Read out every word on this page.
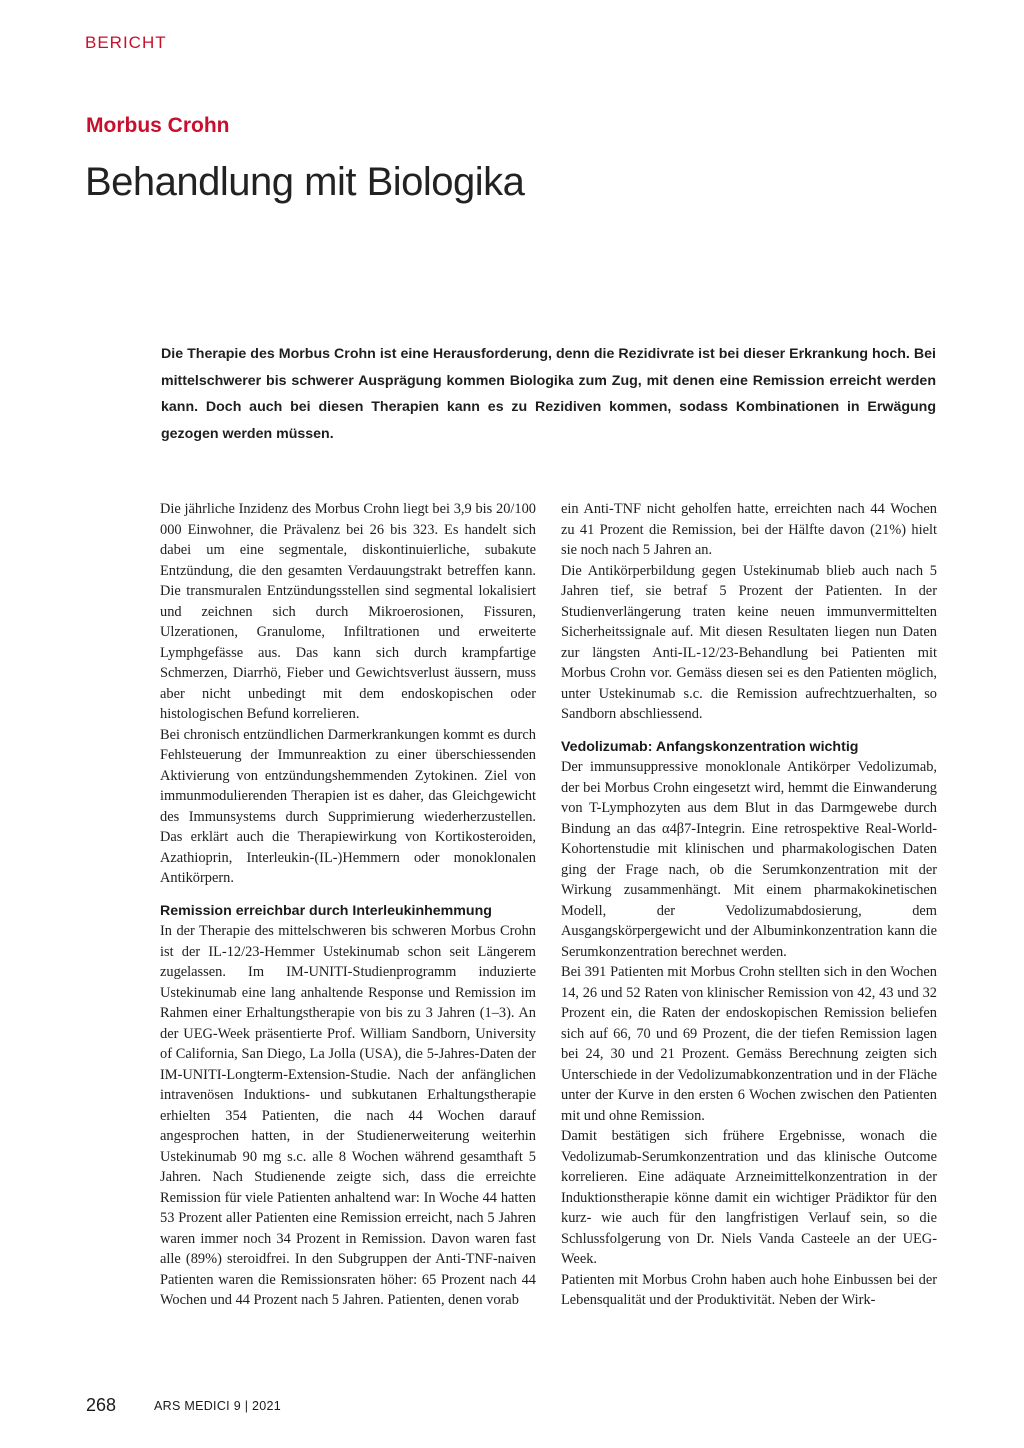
BERICHT
Morbus Crohn
Behandlung mit Biologika

Die Therapie des Morbus Crohn ist eine Herausforderung, denn die Rezidivrate ist bei dieser Erkrankung hoch. Bei mittelschwerer bis schwerer Ausprägung kommen Biologika zum Zug, mit denen eine Remission erreicht werden kann. Doch auch bei diesen Therapien kann es zu Rezidiven kommen, sodass Kombinationen in Erwägung gezogen werden müssen.

Die jährliche Inzidenz des Morbus Crohn liegt bei 3,9 bis 20/100 000 Einwohner, die Prävalenz bei 26 bis 323. Es handelt sich dabei um eine segmentale, diskontinuierliche, subakute Entzündung, die den gesamten Verdauungstrakt betreffen kann. Die transmuralen Entzündungsstellen sind segmental lokalisiert und zeichnen sich durch Mikroerosionen, Fissuren, Ulzerationen, Granulome, Infiltrationen und erweiterte Lymphgefässe aus. Das kann sich durch krampfartige Schmerzen, Diarrhö, Fieber und Gewichtsverlust äussern, muss aber nicht unbedingt mit dem endoskopischen oder histologischen Befund korrelieren.

Bei chronisch entzündlichen Darmerkrankungen kommt es durch Fehlsteuerung der Immunreaktion zu einer überschiessenden Aktivierung von entzündungshemmenden Zytokinen. Ziel von immunmodulierenden Therapien ist es daher, das Gleichgewicht des Immunsystems durch Supprimierung wiederherzustellen. Das erklärt auch die Therapiewirkung von Kortikosteroiden, Azathioprin, Interleukin-(IL-)Hemmern oder monoklonalen Antikörpern.

Remission erreichbar durch Interleukinhemmung

In der Therapie des mittelschweren bis schweren Morbus Crohn ist der IL-12/23-Hemmer Ustekinumab schon seit Längerem zugelassen. Im IM-UNITI-Studienprogramm induzierte Ustekinumab eine lang anhaltende Response und Remission im Rahmen einer Erhaltungstherapie von bis zu 3 Jahren (1–3). An der UEG-Week präsentierte Prof. William Sandborn, University of California, San Diego, La Jolla (USA), die 5-Jahres-Daten der IM-UNITI-Longterm-Extension-Studie. Nach der anfänglichen intravenösen Induktions- und subkutanen Erhaltungstherapie erhielten 354 Patienten, die nach 44 Wochen darauf angesprochen hatten, in der Studienerweiterung weiterhin Ustekinumab 90 mg s.c. alle 8 Wochen während gesamthaft 5 Jahren. Nach Studienende zeigte sich, dass die erreichte Remission für viele Patienten anhaltend war: In Woche 44 hatten 53 Prozent aller Patienten eine Remission erreicht, nach 5 Jahren waren immer noch 34 Prozent in Remission. Davon waren fast alle (89%) steroidfrei. In den Subgruppen der Anti-TNF-naiven Patienten waren die Remissionsraten höher: 65 Prozent nach 44 Wochen und 44 Prozent nach 5 Jahren. Patienten, denen vorab

ein Anti-TNF nicht geholfen hatte, erreichten nach 44 Wochen zu 41 Prozent die Remission, bei der Hälfte davon (21%) hielt sie noch nach 5 Jahren an.

Die Antikörperbildung gegen Ustekinumab blieb auch nach 5 Jahren tief, sie betraf 5 Prozent der Patienten. In der Studienverlängerung traten keine neuen immunvermittelten Sicherheitssignale auf. Mit diesen Resultaten liegen nun Daten zur längsten Anti-IL-12/23-Behandlung bei Patienten mit Morbus Crohn vor. Gemäss diesen sei es den Patienten möglich, unter Ustekinumab s.c. die Remission aufrechtzuerhalten, so Sandborn abschliessend.

Vedolizumab: Anfangskonzentration wichtig

Der immunsuppressive monoklonale Antikörper Vedolizumab, der bei Morbus Crohn eingesetzt wird, hemmt die Einwanderung von T-Lymphozyten aus dem Blut in das Darmgewebe durch Bindung an das α4β7-Integrin. Eine retrospektive Real-World-Kohortenstudie mit klinischen und pharmakologischen Daten ging der Frage nach, ob die Serumkonzentration mit der Wirkung zusammenhängt. Mit einem pharmakokinetischen Modell, der Vedolizumabdosierung, dem Ausgangskörpergewicht und der Albuminkonzentration kann die Serumkonzentration berechnet werden.

Bei 391 Patienten mit Morbus Crohn stellten sich in den Wochen 14, 26 und 52 Raten von klinischer Remission von 42, 43 und 32 Prozent ein, die Raten der endoskopischen Remission beliefen sich auf 66, 70 und 69 Prozent, die der tiefen Remission lagen bei 24, 30 und 21 Prozent. Gemäss Berechnung zeigten sich Unterschiede in der Vedolizumabkonzentration und in der Fläche unter der Kurve in den ersten 6 Wochen zwischen den Patienten mit und ohne Remission.

Damit bestätigen sich frühere Ergebnisse, wonach die Vedolizumab-Serumkonzentration und das klinische Outcome korrelieren. Eine adäquate Arzneimittelkonzentration in der Induktionstherapie könne damit ein wichtiger Prädiktor für den kurz- wie auch für den langfristigen Verlauf sein, so die Schlussfolgerung von Dr. Niels Vanda Casteele an der UEG-Week.

Patienten mit Morbus Crohn haben auch hohe Einbussen bei der Lebensqualität und der Produktivität. Neben der Wirk-

268	ARS MEDICI 9 | 2021
